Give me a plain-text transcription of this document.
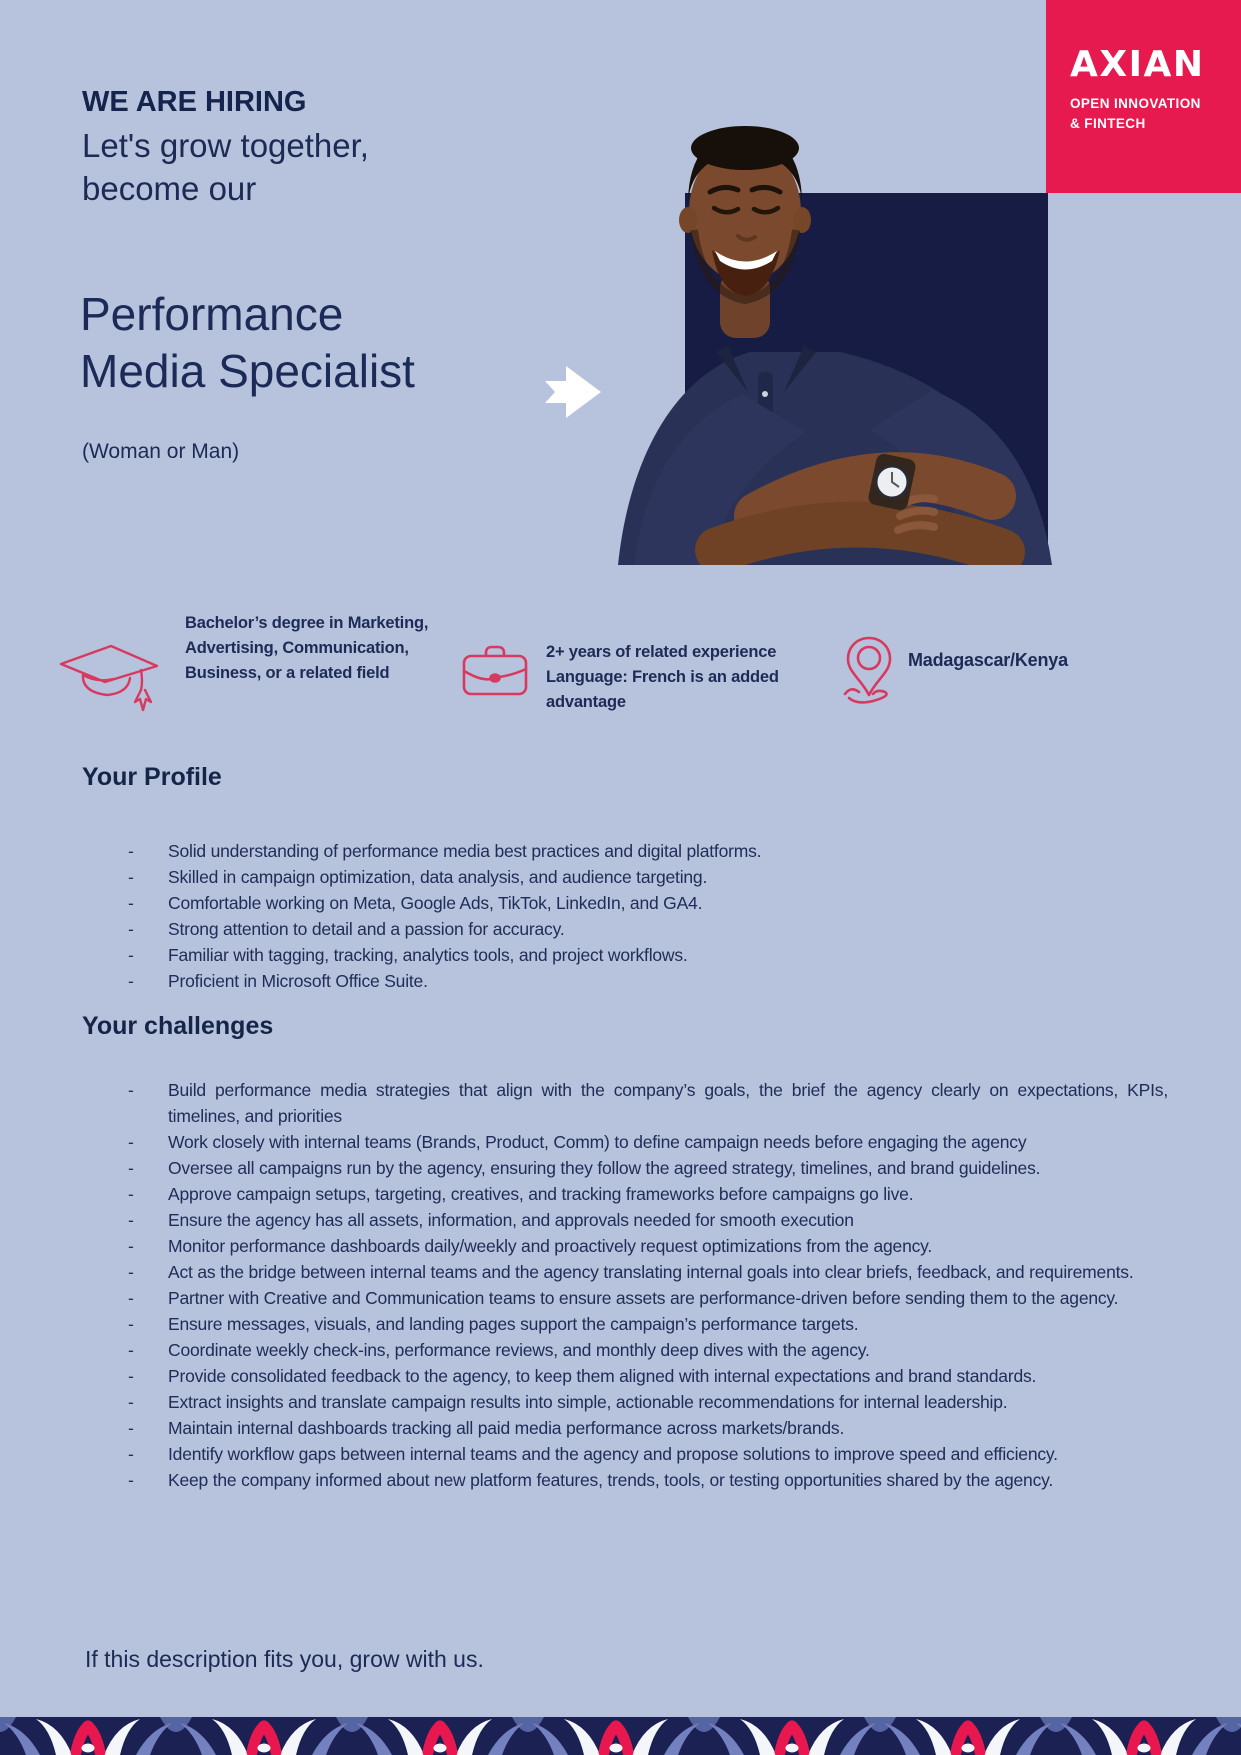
AXIAN
OPEN INNOVATION
& FINTECH
WE ARE HIRING
Let's grow together,
become our
Performance
Media Specialist
(Woman or Man)
Bachelor’s degree in Marketing, Advertising, Communication, Business, or a related field
2+ years of related experience
Language: French is an added advantage
Madagascar/Kenya
Your Profile
-	Solid understanding of performance media best practices and digital platforms.
-	Skilled in campaign optimization, data analysis, and audience targeting.
-	Comfortable working on Meta, Google Ads, TikTok, LinkedIn, and GA4.
-	Strong attention to detail and a passion for accuracy.
-	Familiar with tagging, tracking, analytics tools, and project workflows.
-	Proficient in Microsoft Office Suite.
Your challenges
-	Build performance media strategies that align with the company’s goals, the brief the agency clearly on expectations, KPIs, timelines, and priorities
-	Work closely with internal teams (Brands, Product, Comm) to define campaign needs before engaging the agency
-	Oversee all campaigns run by the agency, ensuring they follow the agreed strategy, timelines, and brand guidelines.
-	Approve campaign setups, targeting, creatives, and tracking frameworks before campaigns go live.
-	Ensure the agency has all assets, information, and approvals needed for smooth execution
-	Monitor performance dashboards daily/weekly and proactively request optimizations from the agency.
-	Act as the bridge between internal teams and the agency translating internal goals into clear briefs, feedback, and requirements.
-	Partner with Creative and Communication teams to ensure assets are performance-driven before sending them to the agency.
-	Ensure messages, visuals, and landing pages support the campaign’s performance targets.
-	Coordinate weekly check-ins, performance reviews, and monthly deep dives with the agency.
-	Provide consolidated feedback to the agency, to keep them aligned with internal expectations and brand standards.
-	Extract insights and translate campaign results into simple, actionable recommendations for internal leadership.
-	Maintain internal dashboards tracking all paid media performance across markets/brands.
-	Identify workflow gaps between internal teams and the agency and propose solutions to improve speed and efficiency.
-	Keep the company informed about new platform features, trends, tools, or testing opportunities shared by the agency.
If this description fits you, grow with us.
